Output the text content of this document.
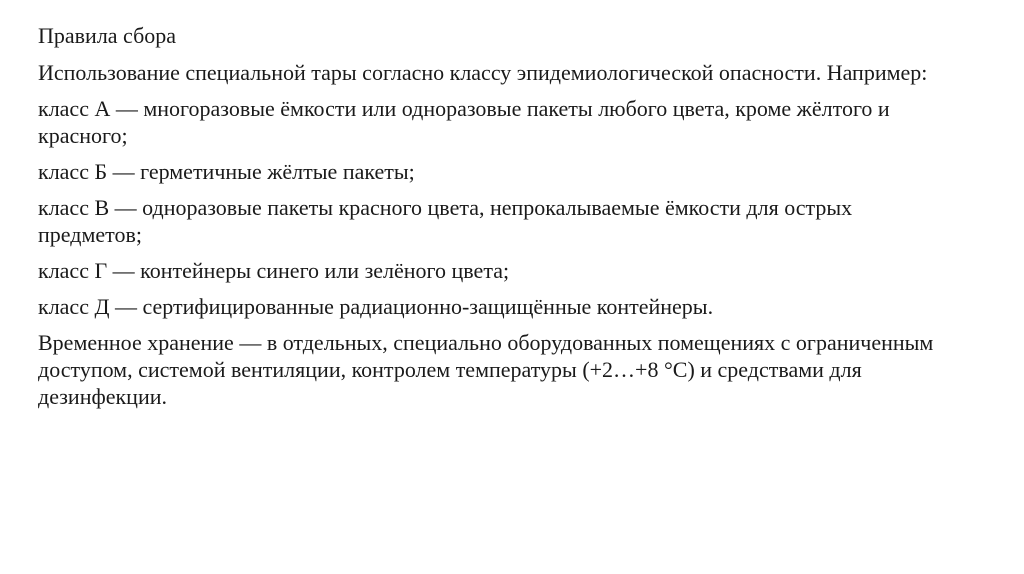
Правила сбора

Использование специальной тары согласно классу эпидемиологической опасности. Например:

класс А — многоразовые ёмкости или одноразовые пакеты любого цвета, кроме жёлтого и красного;

класс Б — герметичные жёлтые пакеты;

класс В — одноразовые пакеты красного цвета, непрокалываемые ёмкости для острых предметов;

класс Г — контейнеры синего или зелёного цвета;

класс Д — сертифицированные радиационно-защищённые контейнеры.

Временное хранение — в отдельных, специально оборудованных помещениях с ограниченным доступом, системой вентиляции, контролем температуры (+2…+8 °С) и средствами для дезинфекции.
